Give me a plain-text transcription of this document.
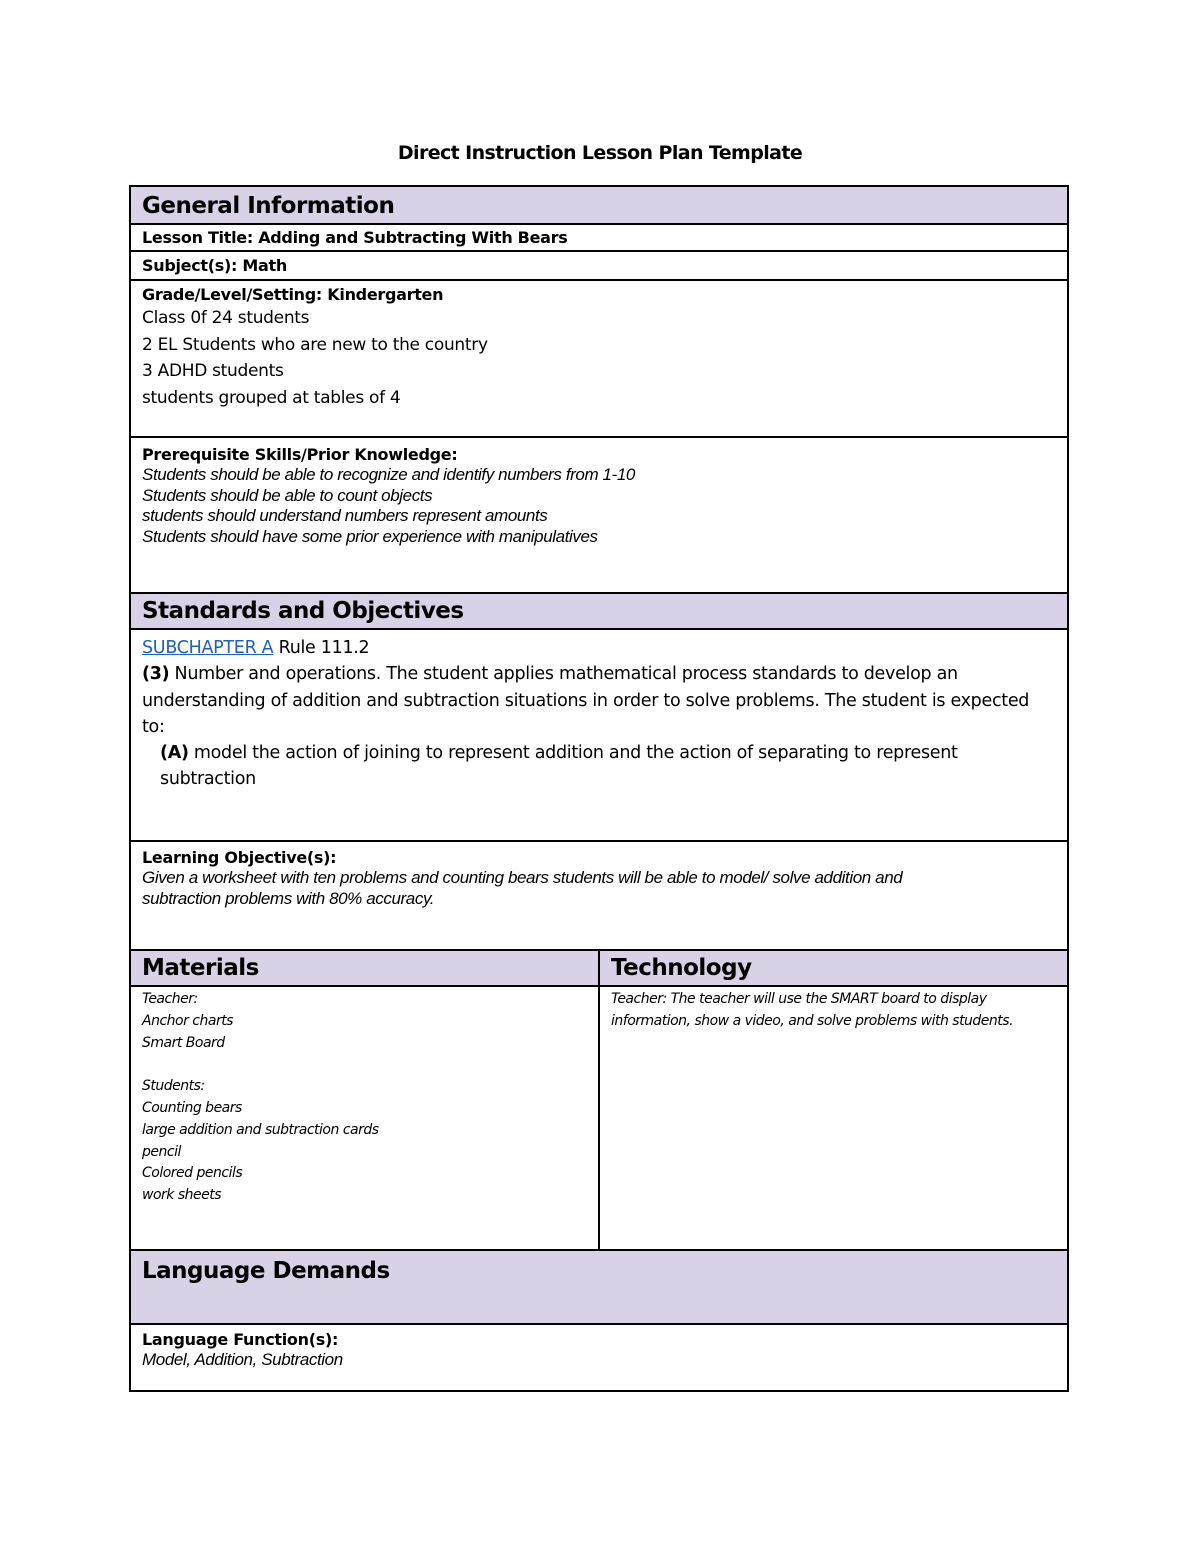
Direct Instruction Lesson Plan Template
General Information
Lesson Title: Adding and Subtracting With Bears
Subject(s): Math
Grade/Level/Setting: Kindergarten
Class 0f 24 students
2 EL Students who are new to the country
3 ADHD students
students grouped at tables of 4
Prerequisite Skills/Prior Knowledge:
Students should be able to recognize and identify numbers from 1-10
Students should be able to count objects
students should understand numbers represent amounts
Students should have some prior experience with manipulatives
Standards and Objectives
SUBCHAPTER A Rule 111.2
(3) Number and operations. The student applies mathematical process standards to develop an understanding of addition and subtraction situations in order to solve problems. The student is expected to:
(A) model the action of joining to represent addition and the action of separating to represent subtraction
Learning Objective(s):
Given a worksheet with ten problems and counting bears students will be able to model/ solve addition and
subtraction problems with 80% accuracy.
Materials	Technology
Teacher:
Anchor charts
Smart Board
Students:
Counting bears
large addition and subtraction cards
pencil
Colored pencils
work sheets
Teacher: The teacher will use the SMART board to display
information, show a video, and solve problems with students.
Language Demands
Language Function(s):
Model, Addition, Subtraction
